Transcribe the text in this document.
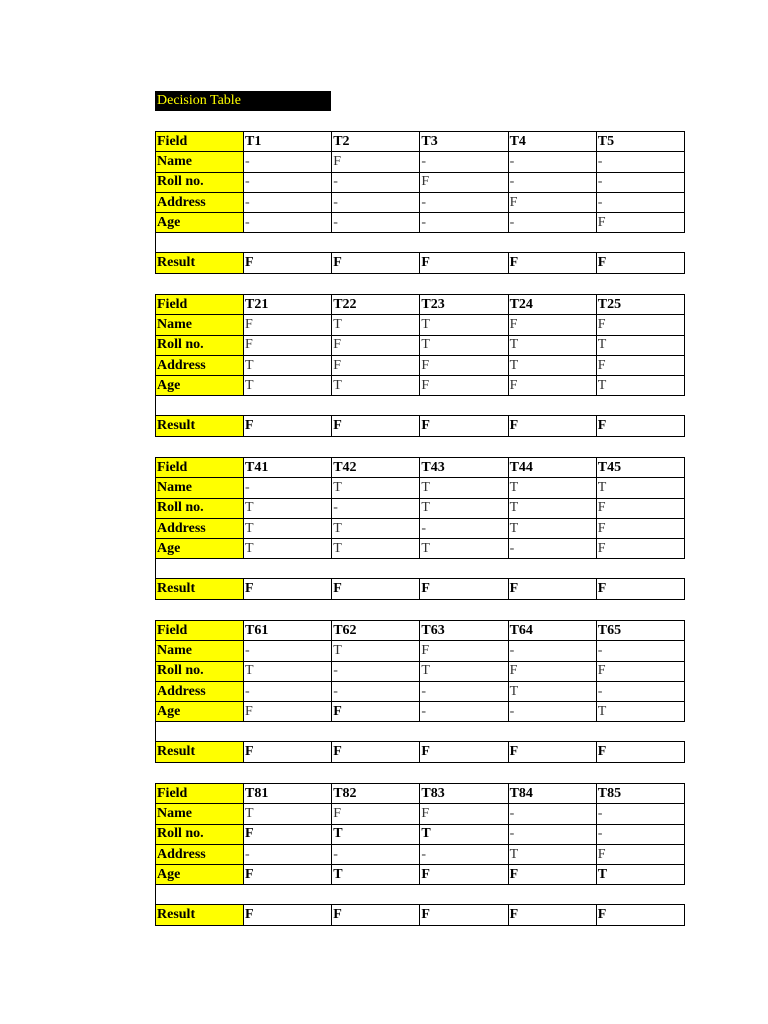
Decision Table
Field	T1	T2	T3	T4	T5
Name	-	F	-	-	-
Roll no.	-	-	F	-	-
Address	-	-	-	F	-
Age	-	-	-	-	F

Result	F	F	F	F	F
Field	T21	T22	T23	T24	T25
Name	F	T	T	F	F
Roll no.	F	F	T	T	T
Address	T	F	F	T	F
Age	T	T	F	F	T

Result	F	F	F	F	F
Field	T41	T42	T43	T44	T45
Name	-	T	T	T	T
Roll no.	T	-	T	T	F
Address	T	T	-	T	F
Age	T	T	T	-	F

Result	F	F	F	F	F
Field	T61	T62	T63	T64	T65
Name	-	T	F	-	-
Roll no.	T	-	T	F	F
Address	-	-	-	T	-
Age	F	F	-	-	T

Result	F	F	F	F	F
Field	T81	T82	T83	T84	T85
Name	T	F	F	-	-
Roll no.	F	T	T	-	-
Address	-	-	-	T	F
Age	F	T	F	F	T

Result	F	F	F	F	F
